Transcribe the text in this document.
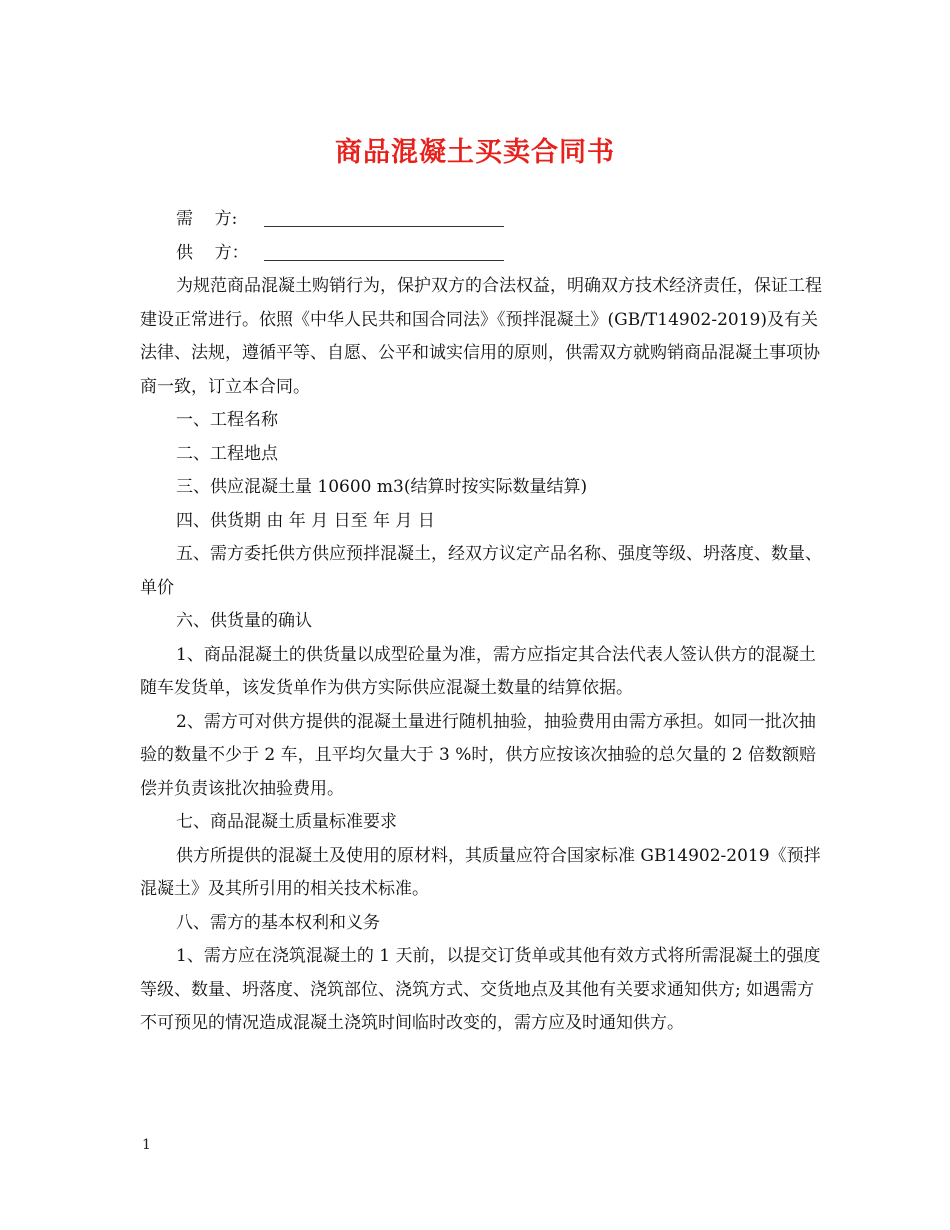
商品混凝土买卖合同书

需    方:

供    方：

为规范商品混凝土购销行为，保护双方的合法权益，明确双方技术经济责任，保证工程建设正常进行。依照《中华人民共和国合同法》《预拌混凝土》(GB/T14902-2019)及有关法律、法规，遵循平等、自愿、公平和诚实信用的原则，供需双方就购销商品混凝土事项协商一致，订立本合同。

一、工程名称

二、工程地点

三、供应混凝土量 10600 m3(结算时按实际数量结算)

四、供货期 由 年 月 日至 年 月 日

五、需方委托供方供应预拌混凝土，经双方议定产品名称、强度等级、坍落度、数量、单价

六、供货量的确认

1、商品混凝土的供货量以成型砼量为准，需方应指定其合法代表人签认供方的混凝土随车发货单，该发货单作为供方实际供应混凝土数量的结算依据。

2、需方可对供方提供的混凝土量进行随机抽验，抽验费用由需方承担。如同一批次抽验的数量不少于 2 车，且平均欠量大于 3 %时，供方应按该次抽验的总欠量的 2 倍数额赔偿并负责该批次抽验费用。

七、商品混凝土质量标准要求

供方所提供的混凝土及使用的原材料，其质量应符合国家标准 GB14902-2019《预拌混凝土》及其所引用的相关技术标准。

八、需方的基本权利和义务

1、需方应在浇筑混凝土的 1 天前，以提交订货单或其他有效方式将所需混凝土的强度等级、数量、坍落度、浇筑部位、浇筑方式、交货地点及其他有关要求通知供方; 如遇需方不可预见的情况造成混凝土浇筑时间临时改变的，需方应及时通知供方。

1
